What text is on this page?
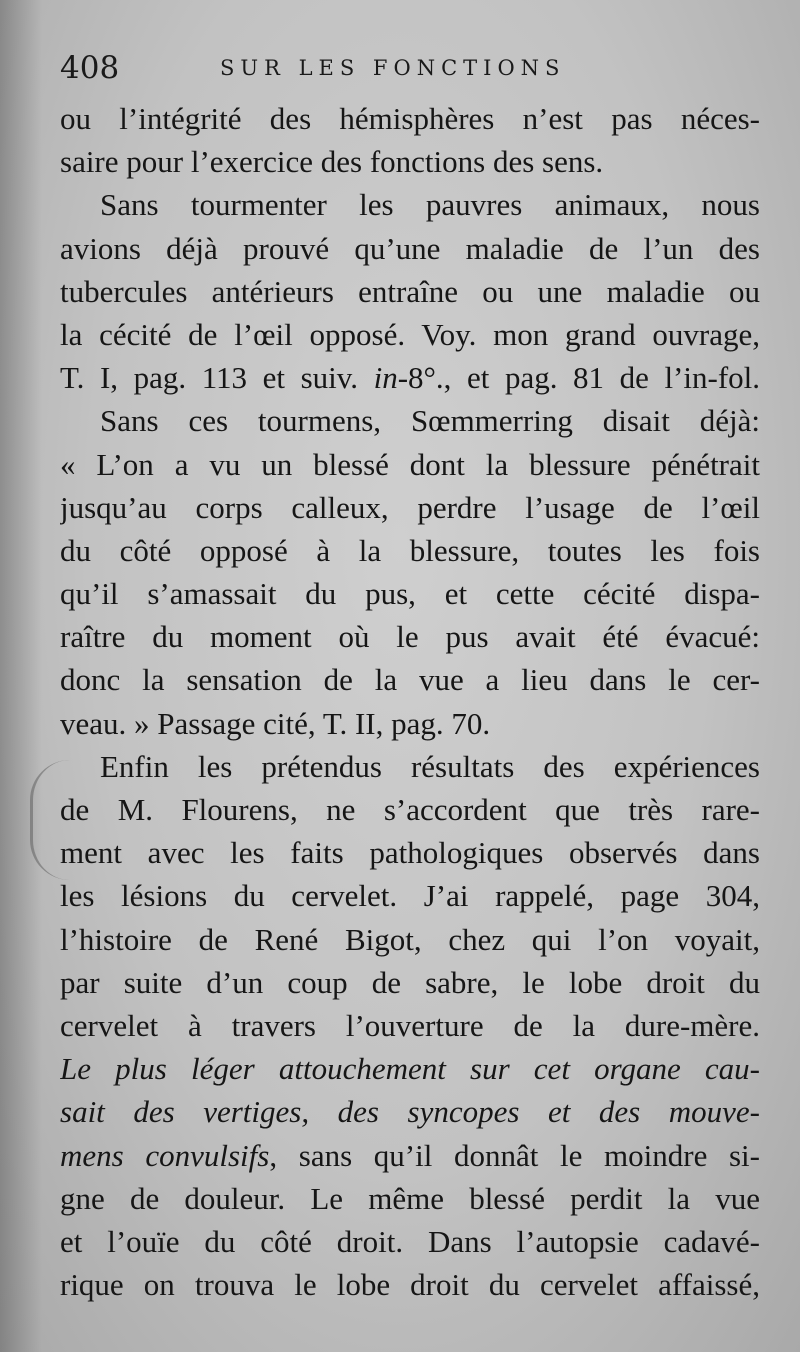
408	SUR LES FONCTIONS
ou l’intégrité des hémisphères n’est pas néces-
saire pour l’exercice des fonctions des sens.
Sans tourmenter les pauvres animaux, nous
avions déjà prouvé qu’une maladie de l’un des
tubercules antérieurs entraîne ou une maladie ou
la cécité de l’œil opposé. Voy. mon grand ouvrage,
T. I, pag. 113 et suiv. in-8°., et pag. 81 de l’in-fol.
Sans ces tourmens, Sœmmerring disait déjà:
« L’on a vu un blessé dont la blessure pénétrait
jusqu’au corps calleux, perdre l’usage de l’œil
du côté opposé à la blessure, toutes les fois
qu’il s’amassait du pus, et cette cécité dispa-
raître du moment où le pus avait été évacué:
donc la sensation de la vue a lieu dans le cer-
veau. » Passage cité, T. II, pag. 70.
Enfin les prétendus résultats des expériences
de M. Flourens, ne s’accordent que très rare-
ment avec les faits pathologiques observés dans
les lésions du cervelet. J’ai rappelé, page 304,
l’histoire de René Bigot, chez qui l’on voyait,
par suite d’un coup de sabre, le lobe droit du
cervelet à travers l’ouverture de la dure-mère.
Le plus léger attouchement sur cet organe cau-
sait des vertiges, des syncopes et des mouve-
mens convulsifs, sans qu’il donnât le moindre si-
gne de douleur. Le même blessé perdit la vue
et l’ouïe du côté droit. Dans l’autopsie cadavé-
rique on trouva le lobe droit du cervelet affaissé,
